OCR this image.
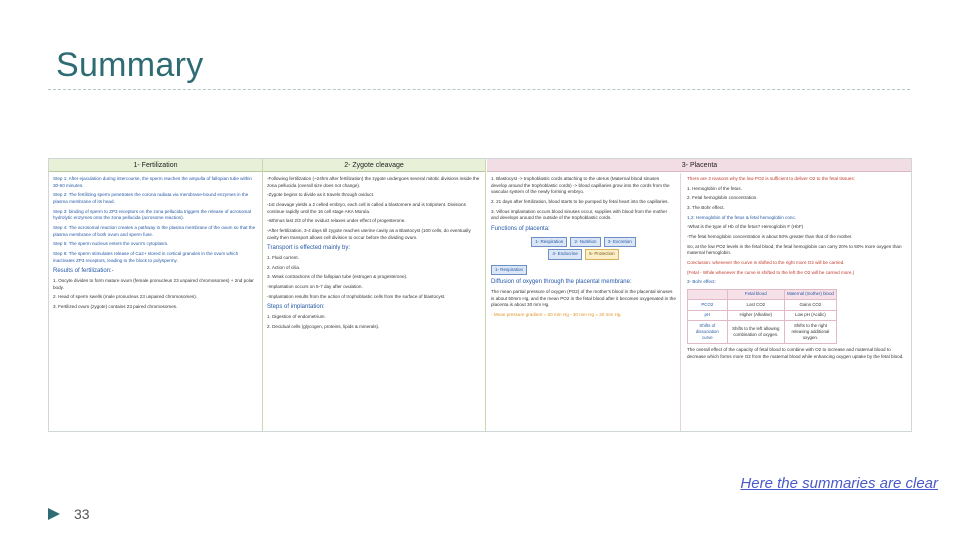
Summary
1- Fertilization
Step 1: After ejaculation during intercourse, the sperm reaches the ampulla of fallopian tube within 30-60 minutes.
Step 2: The fertilizing sperm penetrates the corona radiata via membrane-bound enzymes in the plasma membrane of its head.
Step 3: binding of sperm to ZP3 receptors on the zona pellucida triggers the release of acrosomal hydrolytic enzymes onto the zona pellucida (acrosome reaction).
Step 4: The acrosomal reaction creates a pathway in the plasma membrane of the ovum so that the plasma membrane of both ovum and sperm fuse.
Step 5: The sperm nucleus enters the ovum's cytoplasm.
Step 6: The sperm stimulates release of Ca2+ stored in cortical granules in the ovum which inactivates ZP3 receptors, leading to the block to polyspermy.
Results of fertilization:-
1. Oocyte divides to form mature ovum (female pronucleus 23 unpaired chromosomes) + 2nd polar body.
2. Head of sperm swells (male pronucleus 23 unpaired chromosomes).
3. Fertilized ovum (zygote) contains 23 paired chromosomes.
2- Zygote cleavage
-Following fertilization (~24hrs after fertilization) the zygote undergoes several mitotic divisions inside the zona pellucida (overall size does not change).
-Zygote begins to divide as it travels through oviduct.
-1st cleavage yields a 2 celled embryo, each cell is called a blastomere and is totipotent. Divisions continue rapidly until the 16 cell stage AKA Morula.
-Isthmus last 2/3 of the oviduct relaxes under effect of progesterone.
-After fertilization, 3-4 days till zygote reaches uterine cavity as a Blastocyst (100 cells, do eventually cavity then transport allows cell division to occur before the dividing ovum.
Transport is effected mainly by:
1. Fluid current.
2. Action of cilia.
3. Weak contractions of the fallopian tube (estrogen & progesterone).
-Implantation occurs on 5-7 day after ovulation.
-Implantation results from the action of trophoblastic cells from the surface of blastocyst.
Steps of implantation:
1. Digestion of endometrium.
2. Decidual cells (glycogen, proteins, lipids & minerals).
3- Placenta
1. Blastocyst -> trophoblastic cords attaching to the uterus (Maternal blood sinuses develop around the trophoblastic cords) -> blood capillaries grow into the cords from the vascular system of the newly forming embryo.
2. 21 days after fertilization, blood starts to be pumped by fetal heart into the capillaries.
3. Villous implantation occurs blood sinuses occur, supplies with blood from the mother and develops around the outside of the trophoblastic cords.
Functions of placenta:
1- Respiration	2- Nutrition	3- Excretion
4- Endocrine	5- Protection
1- Respiration
Diffusion of oxygen through the placental membrane:
The mean partial pressure of oxygen (PO2) of the mother's blood in the placental sinuses is about 50mm Hg, and the mean PO2 in the fetal blood after it becomes oxygenated in the placenta is about 30 mm Hg.
- Mean pressure gradient = 50 mm Hg - 30 mm Hg = 20 mm Hg
There are 3 reasons why the low PO2 is sufficient to deliver O2 to the fetal tissues:
1. Hemoglobin of the fetus.
2. Fetal hemoglobin concentration.
3. The Bohr effect.
1,2: Hemoglobin of the fetus & fetal hemoglobin conc.
-What is the type of Hb of the fetus? Hemoglobin F (HbF)
-The fetal hemoglobin concentration is about 50% greater than that of the mother.
So, at the low PO2 levels in the fetal blood, the fetal hemoglobin can carry 20% to 50% more oxygen than maternal hemoglobin.
Conclusion: whenever the curve is shifted to the right more O2 will be carried.
(Fetal - While whenever the curve is shifted to the left the O2 will be carried more.)
3- Bohr effect:
	Fetal blood	Maternal (mother) blood
PCO2	Lost CO2	Gains CO2
pH	Higher (Alkaline)	Low pH (Acidic)
Shifts of dissociation curve	Shifts to the left allowing combination of oxygen.	Shifts to the right releasing additional oxygen.
The overall effect of the capacity of fetal blood to combine with O2 to increase and maternal blood to decrease which forms more O2 from the maternal blood while enhancing oxygen uptake by the fetal blood.
Here the summaries are clear
33
